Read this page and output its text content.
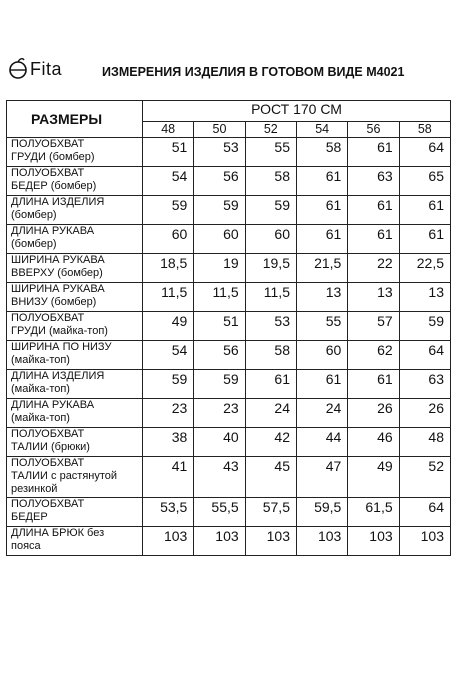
Fita	ИЗМЕРЕНИЯ ИЗДЕЛИЯ В ГОТОВОМ ВИДЕ М4021
РАЗМЕРЫ	РОСТ 170 СМ					
	48	50	52	54	56	58

ПОЛУОБХВАТ
ГРУДИ (бомбер)	51	53	55	58	61	64

ПОЛУОБХВАТ
БЕДЕР (бомбер)	54	56	58	61	63	65

ДЛИНА ИЗДЕЛИЯ
(бомбер)	59	59	59	61	61	61

ДЛИНА РУКАВА
(бомбер)	60	60	60	61	61	61

ШИРИНА РУКАВА
ВВЕРХУ (бомбер)	18,5	19	19,5	21,5	22	22,5

ШИРИНА РУКАВА
ВНИЗУ (бомбер)	11,5	11,5	11,5	13	13	13

ПОЛУОБХВАТ
ГРУДИ (майка-топ)	49	51	53	55	57	59

ШИРИНА ПО НИЗУ
(майка-топ)	54	56	58	60	62	64

ДЛИНА ИЗДЕЛИЯ
(майка-топ)	59	59	61	61	61	63

ДЛИНА РУКАВА
(майка-топ)	23	23	24	24	26	26

ПОЛУОБХВАТ
ТАЛИИ (брюки)	38	40	42	44	46	48

ПОЛУОБХВАТ
ТАЛИИ с растянутой
резинкой	41	43	45	47	49	52

ПОЛУОБХВАТ
БЕДЕР	53,5	55,5	57,5	59,5	61,5	64

ДЛИНА БРЮК без
пояса	103	103	103	103	103	103
